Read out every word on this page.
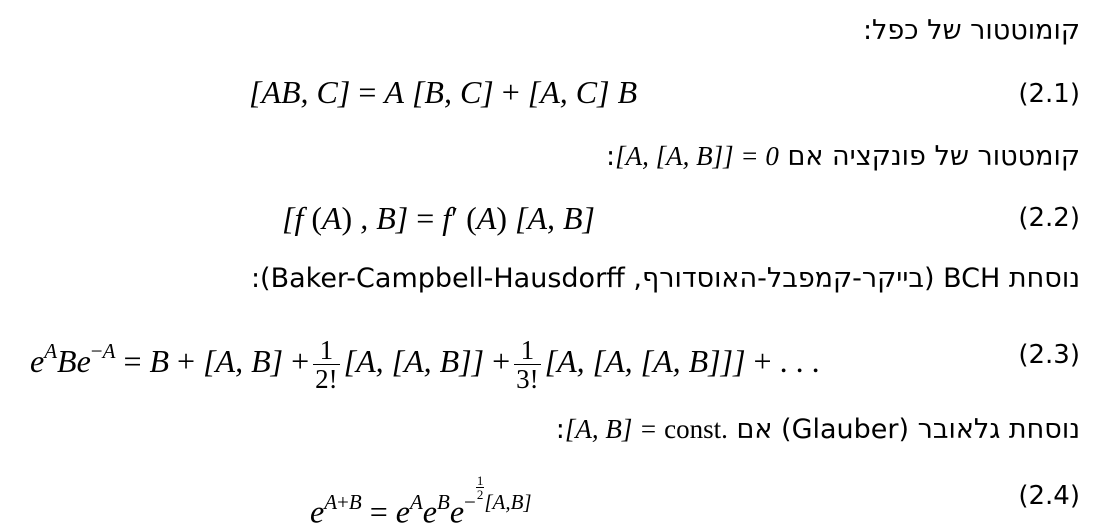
קומוטטור של כפל:
[AB, C] = A [B, C] + [A, C] B	(2.1)
קומטטור של פונקציה אם [A, [A, B]] = 0:
[f (A) , B] = f′ (A) [A, B]	(2.2)
נוסחת BCH (בייקר-קמפבל-האוסדורף, Baker-Campbell-Hausdorff):
$e^ABe^{-A} = B + [A$, $B] + \frac{1}{2!} [A$, [A, $B]] + \frac{1}{3!} [A$, [A, [A, B]]] + . . .	(2.3)
נוסחת גלאובר (Glauber) אם [A, B] = const.:
$e^{A+B} = e^Ae^Be^{- \frac{1}{2} [A,B]}$	(2.4)
